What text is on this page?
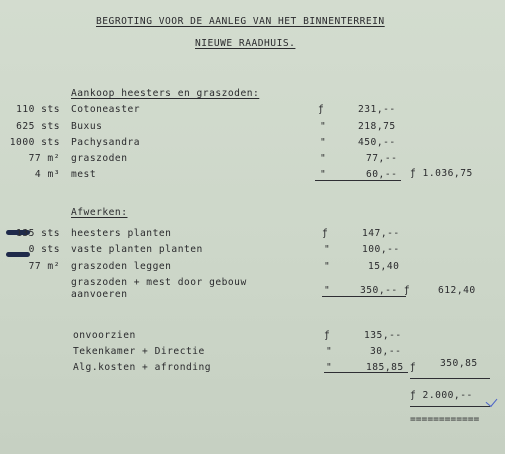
BEGROTING VOOR DE AANLEG VAN HET BINNENTERREIN
NIEUWE RAADHUIS.
Aankoop heesters en graszoden:
110 sts Cotoneaster	ƒ	231,--
625 sts Buxus	"	218,75
1000 sts Pachysandra	"	450,--
77 m² graszoden	"	77,--
4 m³ mest	"	60,-- ƒ 1.036,75
Afwerken:
135 sts heesters planten	ƒ	147,--
0 sts vaste planten planten	"	100,--
77 m² graszoden leggen	"	15,40
graszoden + mest door gebouw
aanvoeren	"	350,-- ƒ	612,40
onvoorzien	ƒ	135,--
Tekenkamer + Directie	"	30,--
Alg.kosten + afronding	"	185,85 ƒ 350,85
ƒ 2.000,--
============
